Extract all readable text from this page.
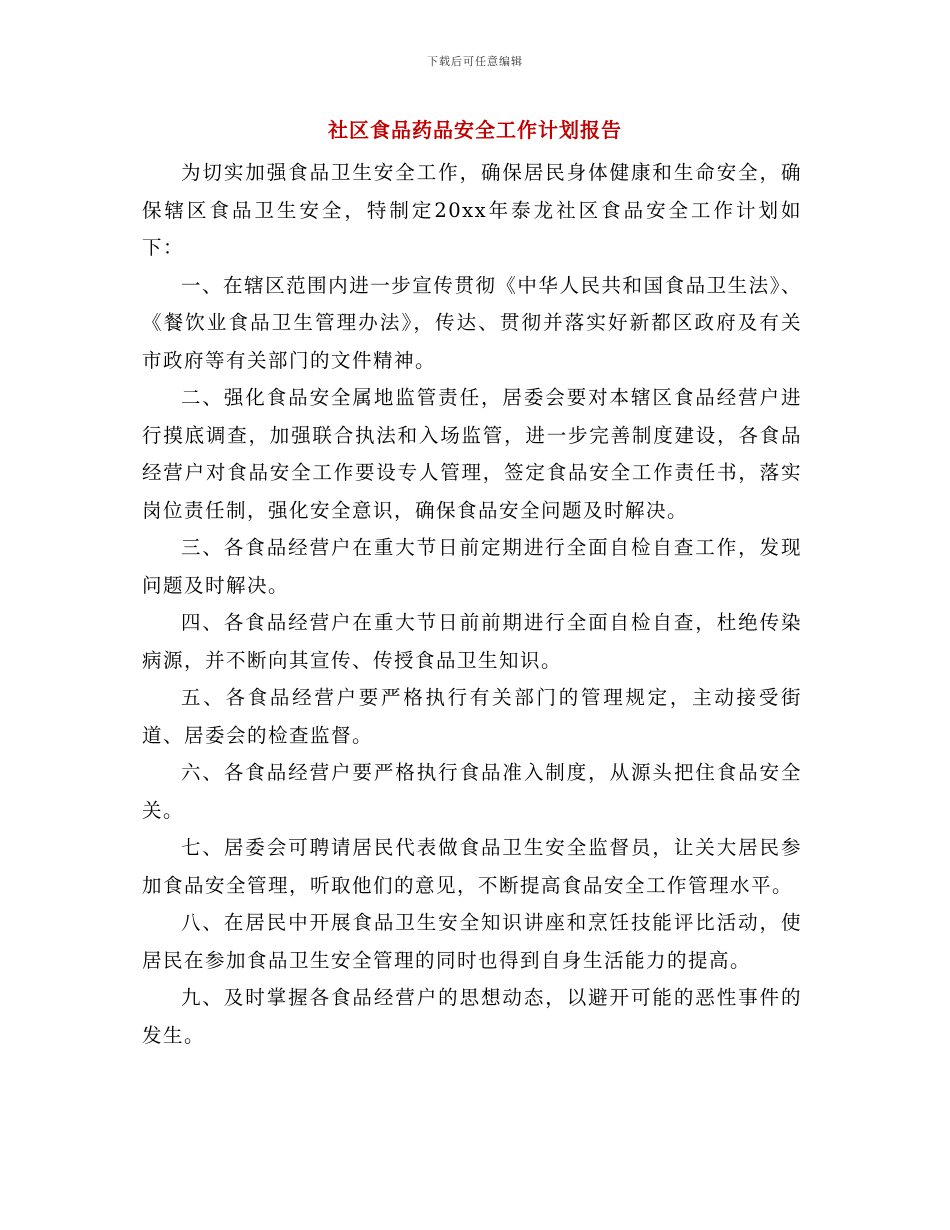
下载后可任意编辑
社区食品药品安全工作计划报告

为切实加强食品卫生安全工作，确保居民身体健康和生命安全，确保辖区食品卫生安全，特制定20xx年泰龙社区食品安全工作计划如下：

一、在辖区范围内进一步宣传贯彻《中华人民共和国食品卫生法》、《餐饮业食品卫生管理办法》，传达、贯彻并落实好新都区政府及有关市政府等有关部门的文件精神。

二、强化食品安全属地监管责任，居委会要对本辖区食品经营户进行摸底调查，加强联合执法和入场监管，进一步完善制度建设，各食品经营户对食品安全工作要设专人管理，签定食品安全工作责任书，落实岗位责任制，强化安全意识，确保食品安全问题及时解决。

三、各食品经营户在重大节日前定期进行全面自检自查工作，发现问题及时解决。

四、各食品经营户在重大节日前前期进行全面自检自查，杜绝传染病源，并不断向其宣传、传授食品卫生知识。

五、各食品经营户要严格执行有关部门的管理规定，主动接受街道、居委会的检查监督。

六、各食品经营户要严格执行食品准入制度，从源头把住食品安全关。

七、居委会可聘请居民代表做食品卫生安全监督员，让关大居民参加食品安全管理，听取他们的意见，不断提高食品安全工作管理水平。

八、在居民中开展食品卫生安全知识讲座和烹饪技能评比活动，使居民在参加食品卫生安全管理的同时也得到自身生活能力的提高。

九、及时掌握各食品经营户的思想动态，以避开可能的恶性事件的发生。
